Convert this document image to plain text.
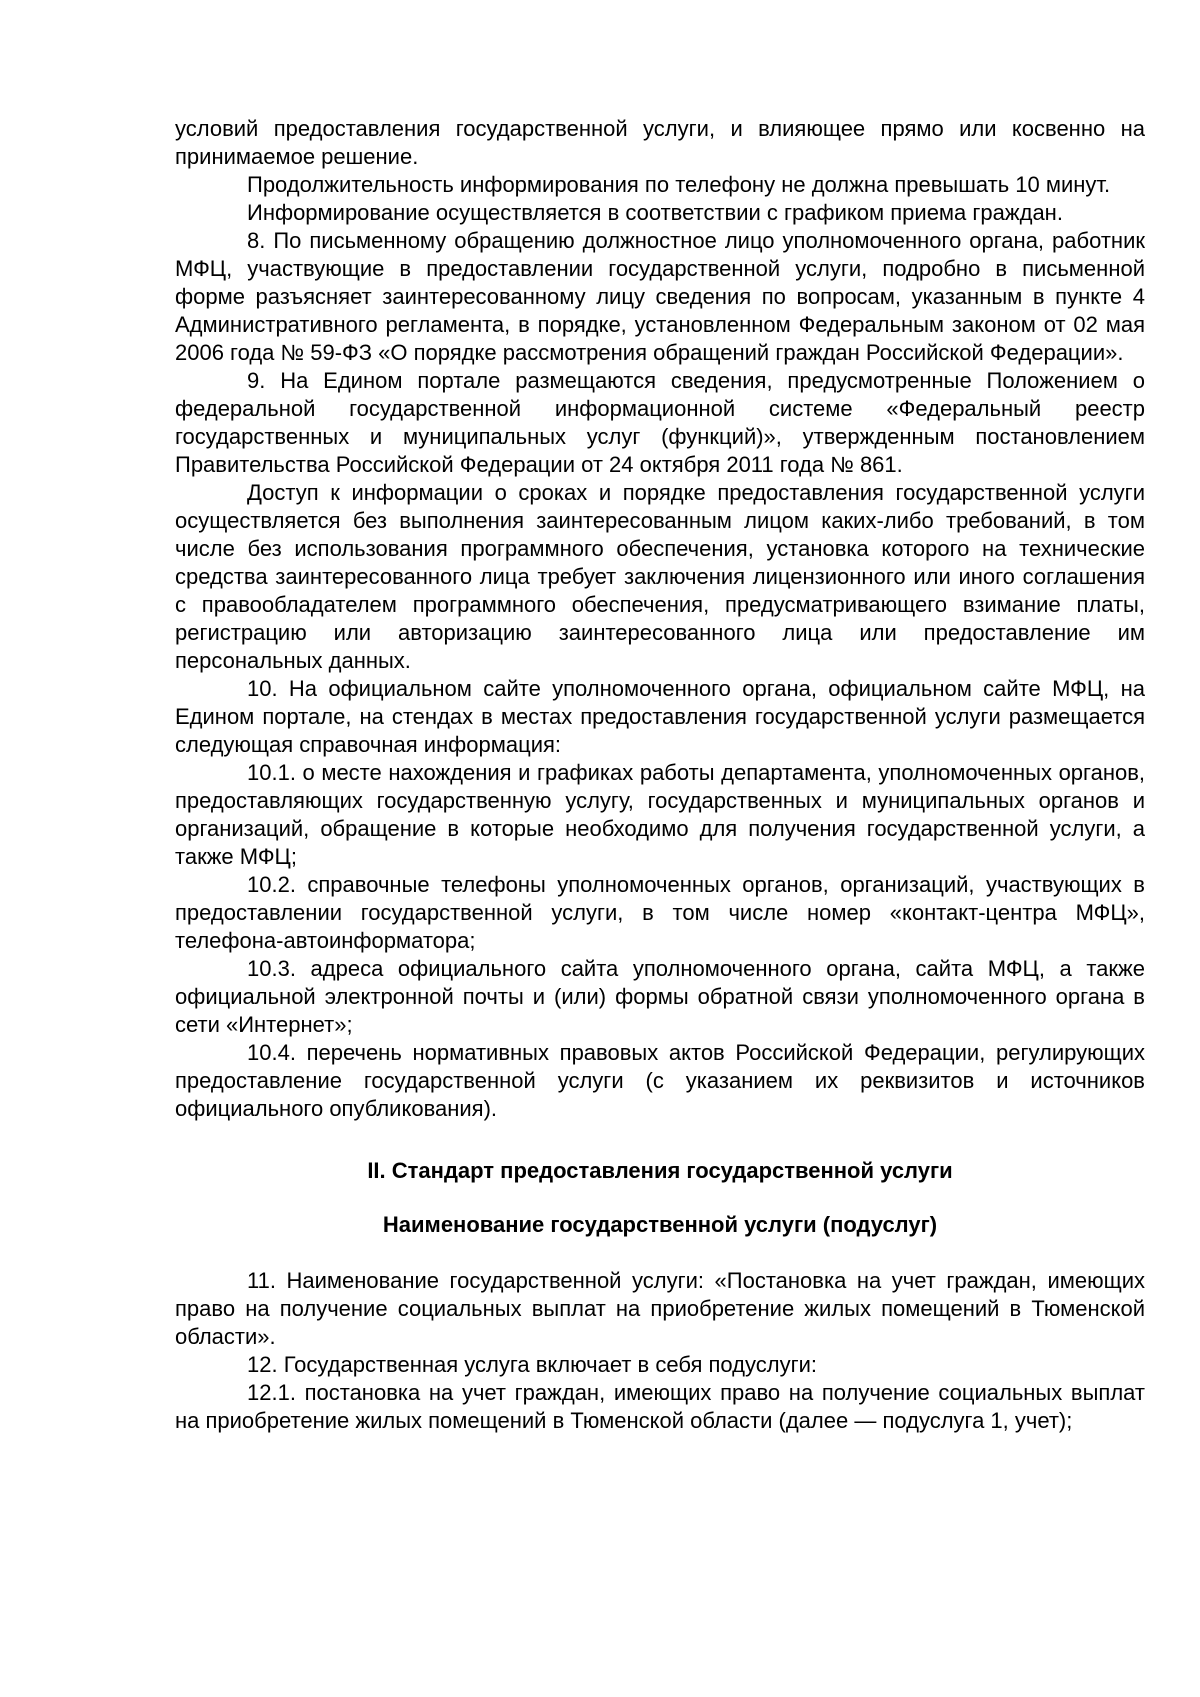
условий предоставления государственной услуги, и влияющее прямо или косвенно на принимаемое решение.

Продолжительность информирования по телефону не должна превышать 10 минут.

Информирование осуществляется в соответствии с графиком приема граждан.

8. По письменному обращению должностное лицо уполномоченного органа, работник МФЦ, участвующие в предоставлении государственной услуги, подробно в письменной форме разъясняет заинтересованному лицу сведения по вопросам, указанным в пункте 4 Административного регламента, в порядке, установленном Федеральным законом от 02 мая 2006 года № 59-ФЗ «О порядке рассмотрения обращений граждан Российской Федерации».

9. На Едином портале размещаются сведения, предусмотренные Положением о федеральной государственной информационной системе «Федеральный реестр государственных и муниципальных услуг (функций)», утвержденным постановлением Правительства Российской Федерации от 24 октября 2011 года № 861.

Доступ к информации о сроках и порядке предоставления государственной услуги осуществляется без выполнения заинтересованным лицом каких-либо требований, в том числе без использования программного обеспечения, установка которого на технические средства заинтересованного лица требует заключения лицензионного или иного соглашения с правообладателем программного обеспечения, предусматривающего взимание платы, регистрацию или авторизацию заинтересованного лица или предоставление им персональных данных.

10. На официальном сайте уполномоченного органа, официальном сайте МФЦ, на Едином портале, на стендах в местах предоставления государственной услуги размещается следующая справочная информация:

10.1. о месте нахождения и графиках работы департамента, уполномоченных органов, предоставляющих государственную услугу, государственных и муниципальных органов и организаций, обращение в которые необходимо для получения государственной услуги, а также МФЦ;

10.2. справочные телефоны уполномоченных органов, организаций, участвующих в предоставлении государственной услуги, в том числе номер «контакт-центра МФЦ», телефона-автоинформатора;

10.3. адреса официального сайта уполномоченного органа, сайта МФЦ, а также официальной электронной почты и (или) формы обратной связи уполномоченного органа в сети «Интернет»;

10.4. перечень нормативных правовых актов Российской Федерации, регулирующих предоставление государственной услуги (с указанием их реквизитов и источников официального опубликования).

II. Стандарт предоставления государственной услуги
Наименование государственной услуги (подуслуг)

11. Наименование государственной услуги: «Постановка на учет граждан, имеющих право на получение социальных выплат на приобретение жилых помещений в Тюменской области».

12. Государственная услуга включает в себя подуслуги:

12.1. постановка на учет граждан, имеющих право на получение социальных выплат на приобретение жилых помещений в Тюменской области (далее — подуслуга 1, учет);
